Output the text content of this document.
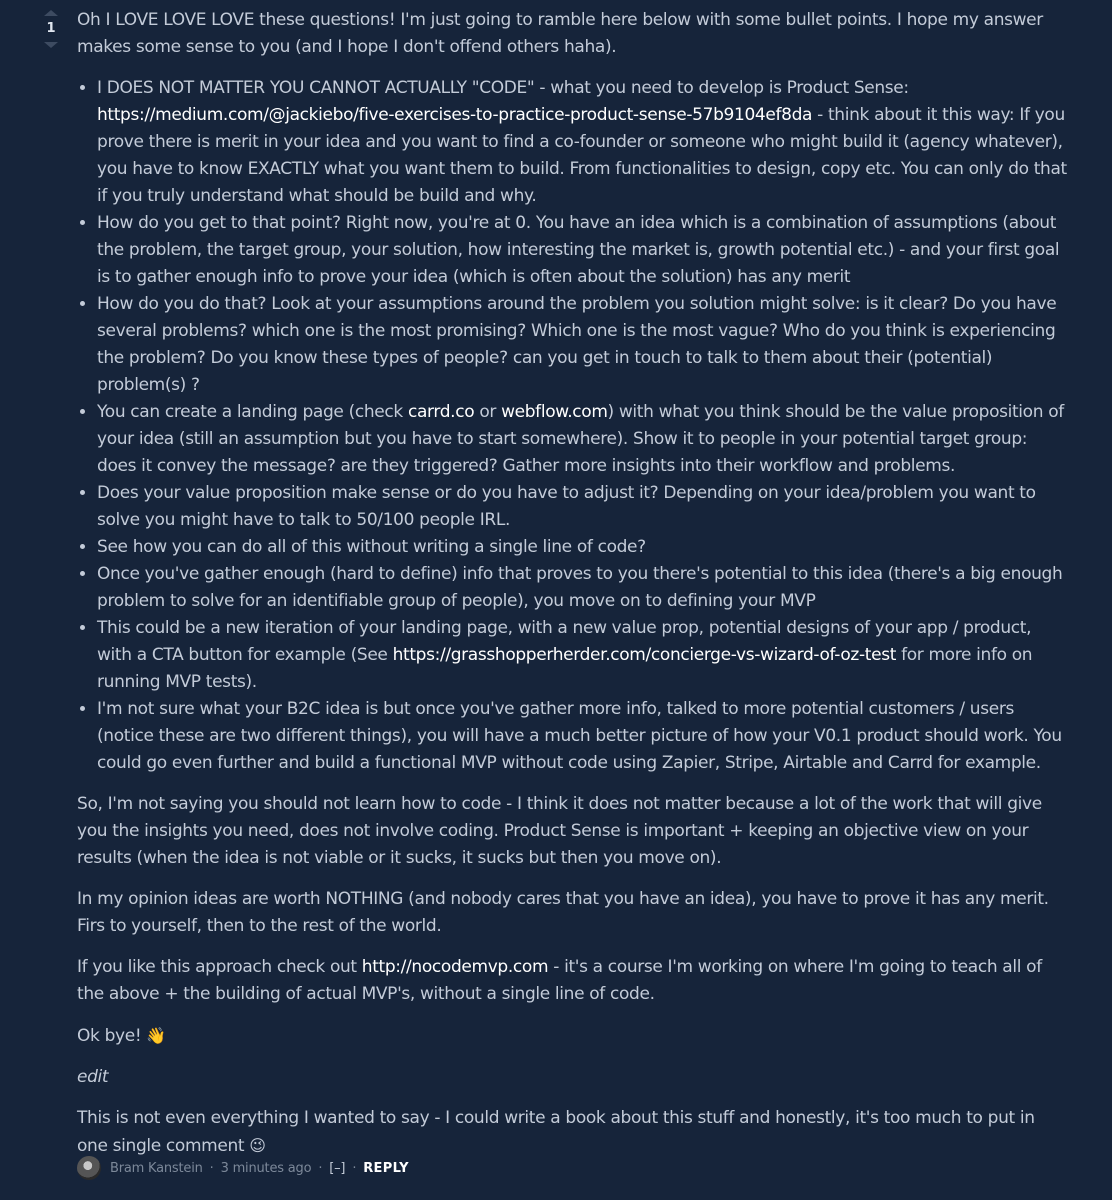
1	Oh I LOVE LOVE LOVE these questions! I'm just going to ramble here below with some bullet points. I hope my answer makes some sense to you (and I hope I don't offend others haha).

• I DOES NOT MATTER YOU CANNOT ACTUALLY "CODE" - what you need to develop is Product Sense: https://medium.com/@jackiebo/five-exercises-to-practice-product-sense-57b9104ef8da - think about it this way: If you prove there is merit in your idea and you want to find a co-founder or someone who might build it (agency whatever), you have to know EXACTLY what you want them to build. From functionalities to design, copy etc. You can only do that if you truly understand what should be build and why.
• How do you get to that point? Right now, you're at 0. You have an idea which is a combination of assumptions (about the problem, the target group, your solution, how interesting the market is, growth potential etc.) - and your first goal is to gather enough info to prove your idea (which is often about the solution) has any merit
• How do you do that? Look at your assumptions around the problem you solution might solve: is it clear? Do you have several problems? which one is the most promising? Which one is the most vague? Who do you think is experiencing the problem? Do you know these types of people? can you get in touch to talk to them about their (potential) problem(s) ?
• You can create a landing page (check carrd.co or webflow.com) with what you think should be the value proposition of your idea (still an assumption but you have to start somewhere). Show it to people in your potential target group: does it convey the message? are they triggered? Gather more insights into their workflow and problems.
• Does your value proposition make sense or do you have to adjust it? Depending on your idea/problem you want to solve you might have to talk to 50/100 people IRL.
• See how you can do all of this without writing a single line of code?
• Once you've gather enough (hard to define) info that proves to you there's potential to this idea (there's a big enough problem to solve for an identifiable group of people), you move on to defining your MVP
• This could be a new iteration of your landing page, with a new value prop, potential designs of your app / product, with a CTA button for example (See https://grasshopperherder.com/concierge-vs-wizard-of-oz-test for more info on running MVP tests).
• I'm not sure what your B2C idea is but once you've gather more info, talked to more potential customers / users (notice these are two different things), you will have a much better picture of how your V0.1 product should work. You could go even further and build a functional MVP without code using Zapier, Stripe, Airtable and Carrd for example.

So, I'm not saying you should not learn how to code - I think it does not matter because a lot of the work that will give you the insights you need, does not involve coding. Product Sense is important + keeping an objective view on your results (when the idea is not viable or it sucks, it sucks but then you move on).

In my opinion ideas are worth NOTHING (and nobody cares that you have an idea), you have to prove it has any merit. Firs to yourself, then to the rest of the world.

If you like this approach check out http://nocodemvp.com - it's a course I'm working on where I'm going to teach all of the above + the building of actual MVP's, without a single line of code.

Ok bye! 👋

edit

This is not even everything I wanted to say - I could write a book about this stuff and honestly, it's too much to put in one single comment 😉

Bram Kanstein · 3 minutes ago · [–] · REPLY
